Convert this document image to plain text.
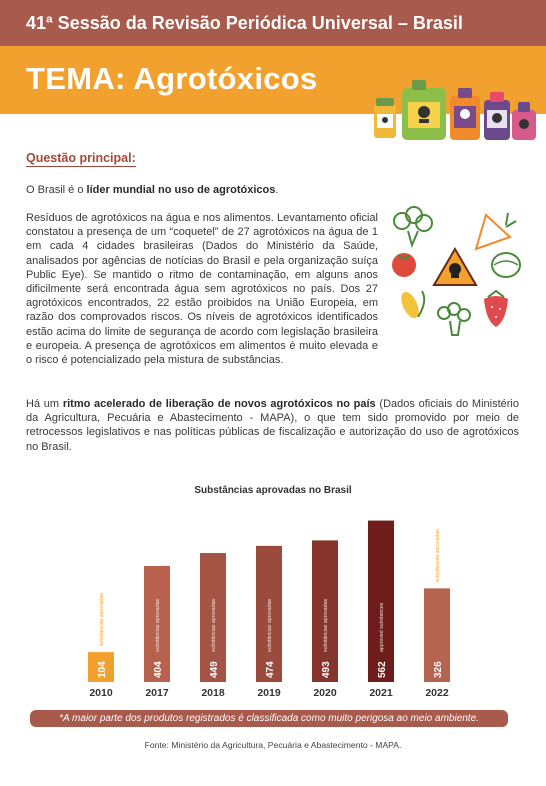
41ª Sessão da Revisão Periódica Universal – Brasil
TEMA: Agrotóxicos
Questão principal:
O Brasil é o líder mundial no uso de agrotóxicos.
Resíduos de agrotóxicos na água e nos alimentos. Levantamento oficial constatou a presença de um “coquetel” de 27 agrotóxicos na água de 1 em cada 4 cidades brasileiras (Dados do Ministério da Saúde, analisados por agências de notícias do Brasil e pela organização suíça Public Eye). Se mantido o ritmo de contaminação, em alguns anos dificilmente será encontrada água sem agrotóxicos no país. Dos 27 agrotóxicos encontrados, 22 estão proibidos na União Europeia, em razão dos comprovados riscos. Os níveis de agrotóxicos identificados estão acima do limite de segurança de acordo com legislação brasileira e europeia. A presença de agrotóxicos em alimentos é muito elevada e o risco é potencializado pela mistura de substâncias.
Há um ritmo acelerado de liberação de novos agrotóxicos no país (Dados oficiais do Ministério da Agricultura, Pecuária e Abastecimento - MAPA), o que tem sido promovido por meio de retrocessos legislativos e nas políticas públicas de fiscalização e autorização do uso de agrotóxicos no Brasil.
Substâncias aprovadas no Brasil
104
substâncias aprovadas
2010
404
substâncias aprovadas
2017
449
substâncias aprovadas
2018
474
substâncias aprovadas
2019
493
substâncias aprovadas
2020
562
approved substances
2021
326
substâncias aprovadas
2022
*A maior parte dos produtos registrados é classificada como muito perigosa ao meio ambiente.
Fonte: Ministério da Agricultura, Pecuária e Abastecimento - MAPA.
